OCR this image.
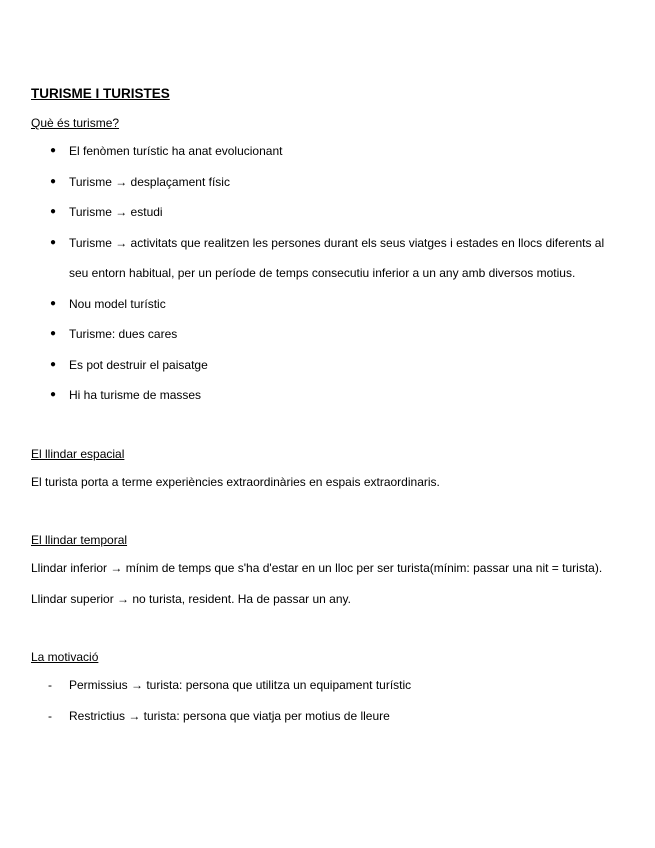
TURISME I TURISTES
Què és turisme?
● El fenòmen turístic ha anat evolucionant
● Turisme → desplaçament físic
● Turisme → estudi
● Turisme → activitats que realitzen les persones durant els seus viatges i estades en llocs diferents al seu entorn habitual, per un període de temps consecutiu inferior a un any amb diversos motius.
● Nou model turístic
● Turisme: dues cares
● Es pot destruir el paisatge
● Hi ha turisme de masses
El llindar espacial
El turista porta a terme experiències extraordinàries en espais extraordinaris.
El llindar temporal
Llindar inferior → mínim de temps que s'ha d'estar en un lloc per ser turista(mínim: passar una nit = turista).
Llindar superior → no turista, resident. Ha de passar un any.
La motivació
- Permissius → turista: persona que utilitza un equipament turístic
- Restrictius → turista: persona que viatja per motius de lleure
